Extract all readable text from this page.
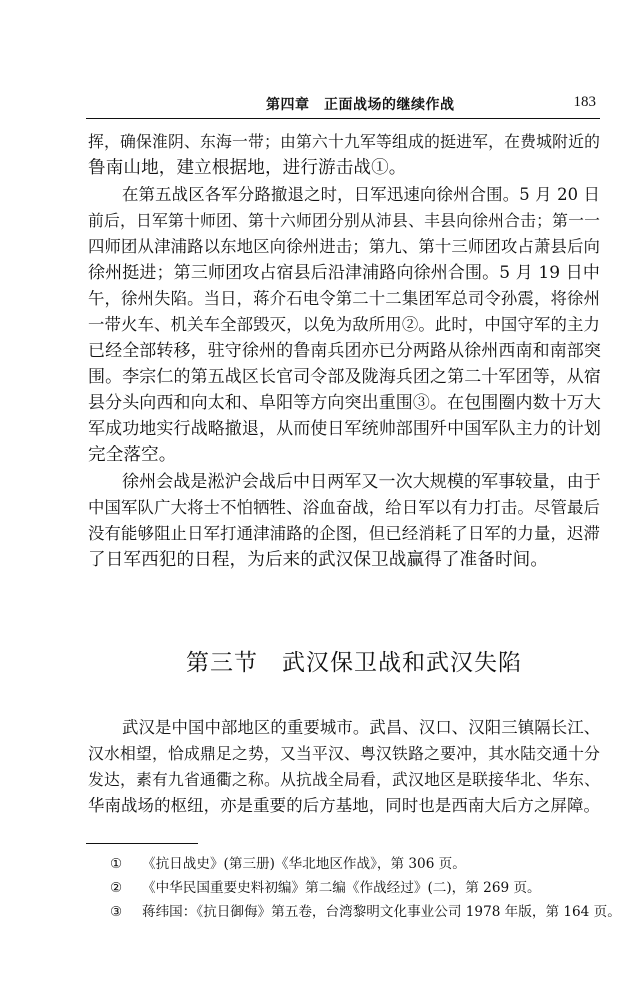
第四章　正面战场的继续作战	183
挥，确保淮阴、东海一带；由第六十九军等组成的挺进军，在费城附近的
鲁南山地，建立根据地，进行游击战①。
在第五战区各军分路撤退之时，日军迅速向徐州合围。5 月 20 日
前后，日军第十师团、第十六师团分别从沛县、丰县向徐州合击；第一一
四师团从津浦路以东地区向徐州进击；第九、第十三师团攻占萧县后向
徐州挺进；第三师团攻占宿县后沿津浦路向徐州合围。5 月 19 日中
午，徐州失陷。当日，蒋介石电令第二十二集团军总司令孙震，将徐州
一带火车、机关车全部毁灭，以免为敌所用②。此时，中国守军的主力
已经全部转移，驻守徐州的鲁南兵团亦已分两路从徐州西南和南部突
围。李宗仁的第五战区长官司令部及陇海兵团之第二十军团等，从宿
县分头向西和向太和、阜阳等方向突出重围③。在包围圈内数十万大
军成功地实行战略撤退，从而使日军统帅部围歼中国军队主力的计划
完全落空。
徐州会战是淞沪会战后中日两军又一次大规模的军事较量，由于
中国军队广大将士不怕牺牲、浴血奋战，给日军以有力打击。尽管最后
没有能够阻止日军打通津浦路的企图，但已经消耗了日军的力量，迟滞
了日军西犯的日程，为后来的武汉保卫战赢得了准备时间。
第三节　武汉保卫战和武汉失陷
武汉是中国中部地区的重要城市。武昌、汉口、汉阳三镇隔长江、
汉水相望，恰成鼎足之势，又当平汉、粤汉铁路之要冲，其水陆交通十分
发达，素有九省通衢之称。从抗战全局看，武汉地区是联接华北、华东、
华南战场的枢纽，亦是重要的后方基地，同时也是西南大后方之屏障。
① 《抗日战史》(第三册)《华北地区作战》，第 306 页。
② 《中华民国重要史料初编》第二编《作战经过》(二)，第 269 页。
③ 蒋纬国：《抗日御侮》第五卷，台湾黎明文化事业公司 1978 年版，第 164 页。
